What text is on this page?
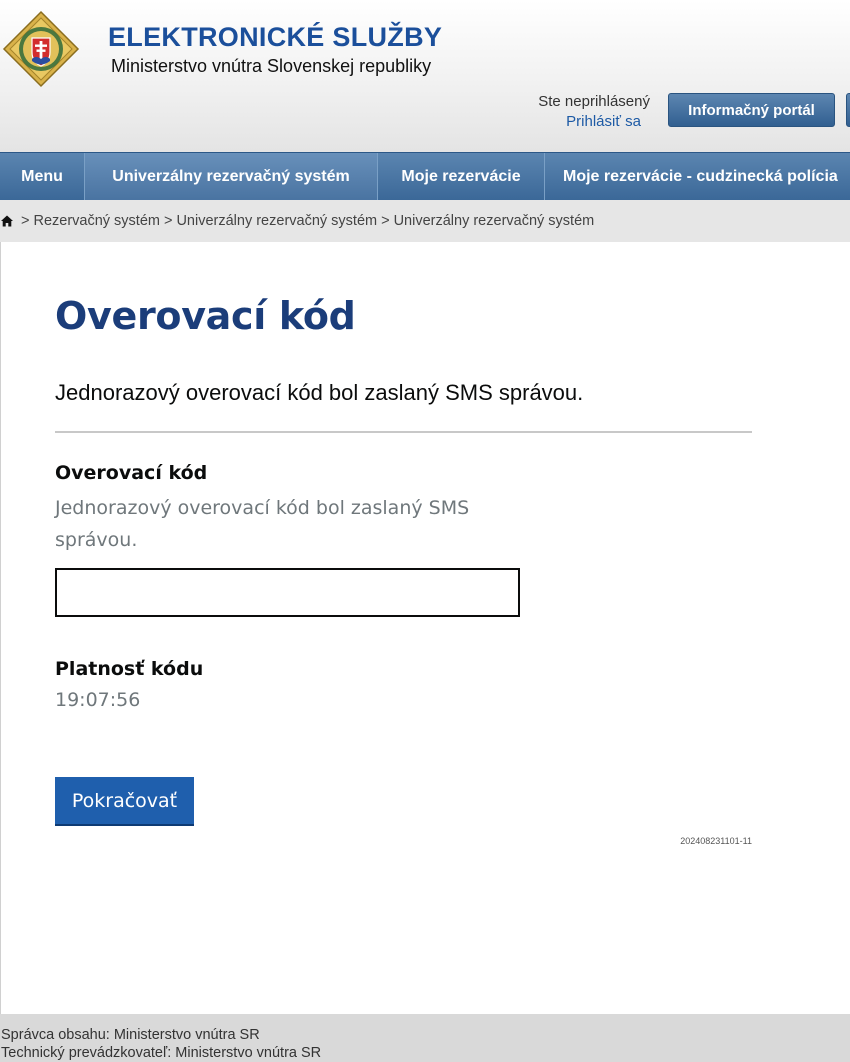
ELEKTRONICKÉ SLUŽBY
Ministerstvo vnútra Slovenskej republiky
Ste neprihlásený
Prihlásiť sa
Informačný portál
Menu	Univerzálny rezervačný systém	Moje rezervácie	Moje rezervácie - cudzinecká polícia
> Rezervačný systém > Univerzálny rezervačný systém > Univerzálny rezervačný systém
Overovací kód

Jednorazový overovací kód bol zaslaný SMS správou.

Overovací kód
Jednorazový overovací kód bol zaslaný SMS správou.
Platnosť kódu
19:07:56
Pokračovať
202408231101-11
Správca obsahu: Ministerstvo vnútra SR
Technický prevádzkovateľ: Ministerstvo vnútra SR
